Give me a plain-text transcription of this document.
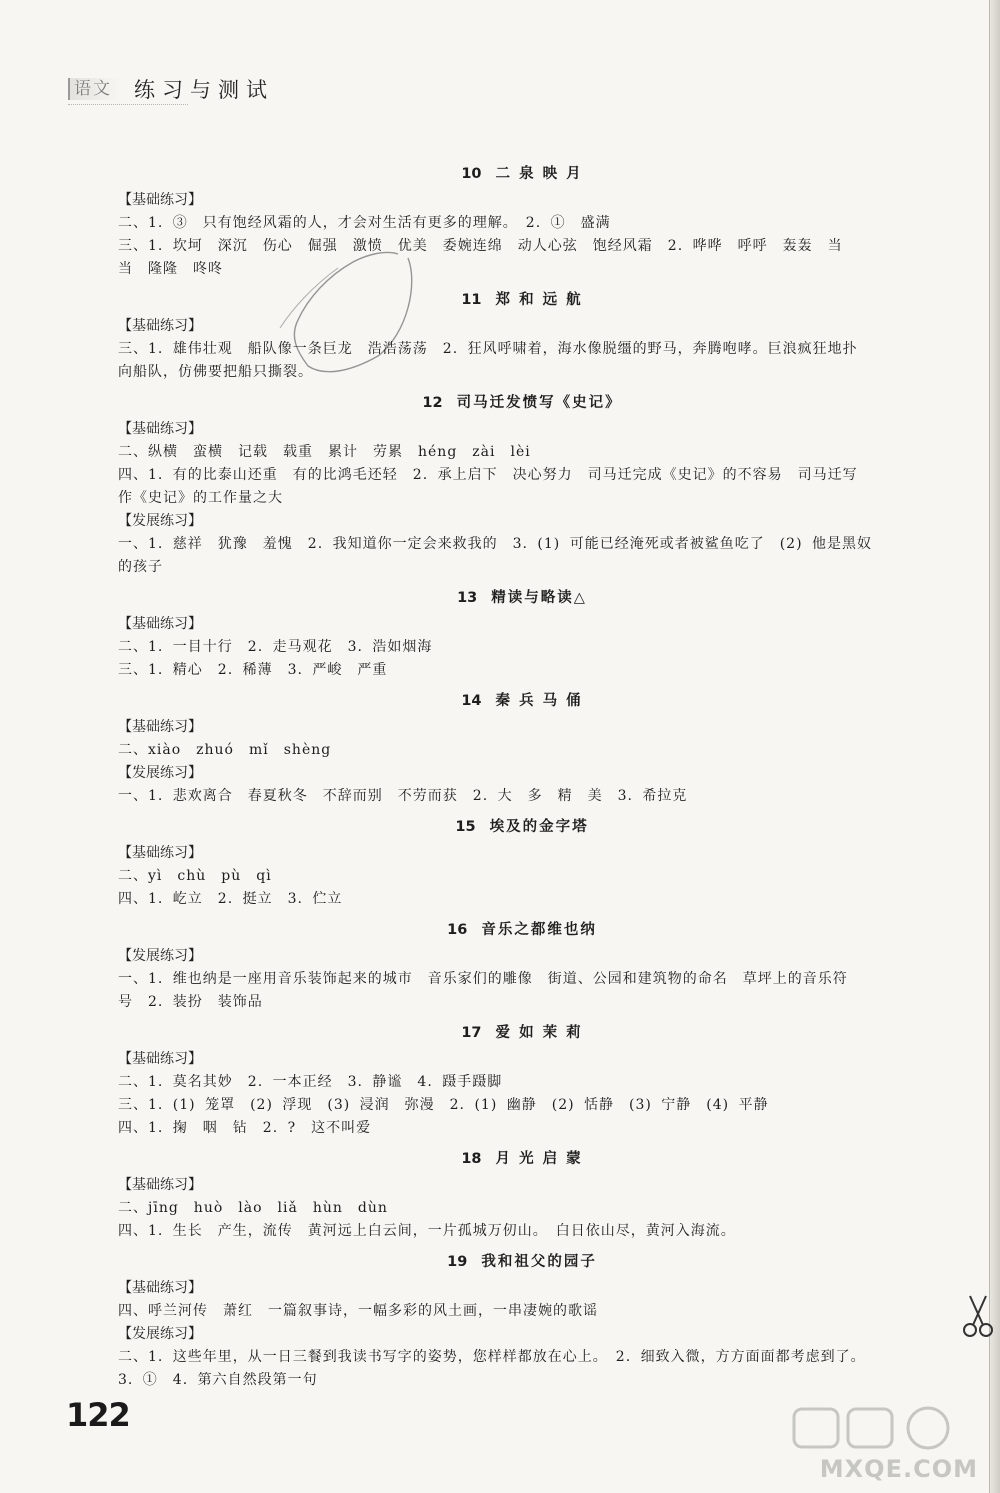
语文	练习与测试
10 二 泉 映 月
【基础练习】
二、1. ③　只有饱经风霜的人，才会对生活有更多的理解。　2. ①　盛满
三、1. 坎坷　深沉　伤心　倔强　激愤　优美　委婉连绵　动人心弦　饱经风霜　2. 哗哗　呼呼　轰轰　当
当　隆隆　咚咚
11 郑 和 远 航
【基础练习】
三、1. 雄伟壮观　船队像一条巨龙　浩浩荡荡　2. 狂风呼啸着，海水像脱缰的野马，奔腾咆哮。巨浪疯狂地扑
向船队，仿佛要把船只撕裂。
12 司马迁发愤写《史记》
【基础练习】
二、纵横　蛮横　记载　载重　累计　劳累　héng　zài　lèi
四、1. 有的比泰山还重　有的比鸿毛还轻　2. 承上启下　决心努力　司马迁完成《史记》的不容易　司马迁写
作《史记》的工作量之大
【发展练习】
一、1. 慈祥　犹豫　羞愧　2. 我知道你一定会来救我的　3. (1) 可能已经淹死或者被鲨鱼吃了　(2) 他是黑奴
的孩子
13 精读与略读△
【基础练习】
二、1. 一目十行　2. 走马观花　3. 浩如烟海
三、1. 精心　2. 稀薄　3. 严峻　严重
14 秦 兵 马 俑
【基础练习】
二、xiào　zhuó　mǐ　shèng
【发展练习】
一、1. 悲欢离合　春夏秋冬　不辞而别　不劳而获　2. 大　多　精　美　3. 希拉克
15 埃及的金字塔
【基础练习】
二、yì　chù　pù　qì
四、1. 屹立　2. 挺立　3. 伫立
16 音乐之都维也纳
【发展练习】
一、1. 维也纳是一座用音乐装饰起来的城市　音乐家们的雕像　街道、公园和建筑物的命名　草坪上的音乐符
号　2. 装扮　装饰品
17 爱 如 茉 莉
【基础练习】
二、1. 莫名其妙　2. 一本正经　3. 静谧　4. 蹑手蹑脚
三、1. (1) 笼罩　(2) 浮现　(3) 浸润　弥漫　2. (1) 幽静　(2) 恬静　(3) 宁静　(4) 平静
四、1. 掬　咽　钻　2. ?　这不叫爱
18 月 光 启 蒙
【基础练习】
二、jīng　huò　lào　liǎ　hùn　dùn
四、1. 生长　产生，流传　黄河远上白云间，一片孤城万仞山。　白日依山尽，黄河入海流。
19 我和祖父的园子
【基础练习】
四、呼兰河传　萧红　一篇叙事诗，一幅多彩的风土画，一串凄婉的歌谣
【发展练习】
二、1. 这些年里，从一日三餐到我读书写字的姿势，您样样都放在心上。　2. 细致入微，方方面面都考虑到了。
3. ①　4. 第六自然段第一句
122
MXQE.COM
